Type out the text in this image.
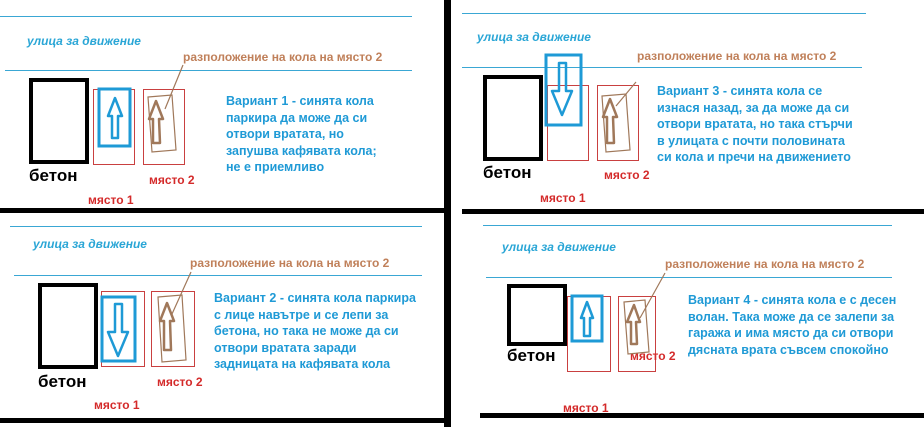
улица за движение
разположение на кола на място 2
бетон
място 1
място 2
Вариант 1 - синята кола
паркира да може да си
отвори вратата, но
запушва кафявата кола;
не е приемливо
улица за движение
разположение на кола на място 2
бетон
място 1
място 2
Вариант 3 - синята кола се
изнася назад, за да може да си
отвори вратата, но така стърчи
в улицата с почти половината
си кола и пречи на движението
улица за движение
разположение на кола на място 2
бетон
място 1
място 2
Вариант 2 - синята кола паркира
с лице навътре и се лепи за
бетона, но така не може да си
отвори вратата заради
задницата на кафявата кола
улица за движение
разположение на кола на място 2
бетон
място 1
място 2
Вариант 4 - синята кола е с десен
волан. Така може да се залепи за
гаража и има място да си отвори
дясната врата съвсем спокойно
